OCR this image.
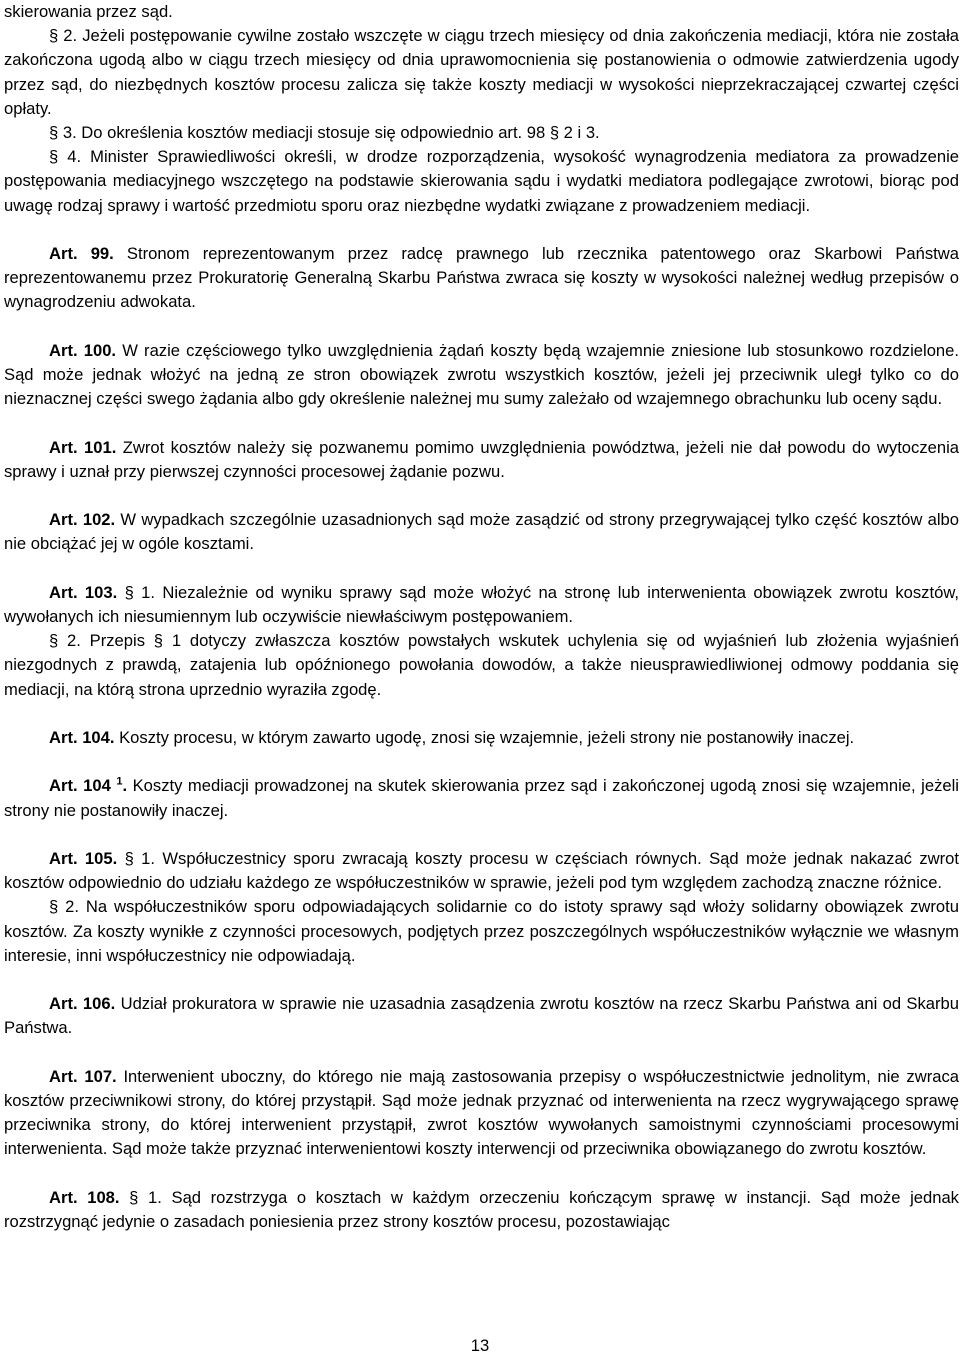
skierowania przez sąd.

§ 2. Jeżeli postępowanie cywilne zostało wszczęte w ciągu trzech miesięcy od dnia zakończenia mediacji, która nie została zakończona ugodą albo w ciągu trzech miesięcy od dnia uprawomocnienia się postanowienia o odmowie zatwierdzenia ugody przez sąd, do niezbędnych kosztów procesu zalicza się także koszty mediacji w wysokości nieprzekraczającej czwartej części opłaty.

§ 3. Do określenia kosztów mediacji stosuje się odpowiednio art. 98 § 2 i 3.

§ 4. Minister Sprawiedliwości określi, w drodze rozporządzenia, wysokość wynagrodzenia mediatora za prowadzenie postępowania mediacyjnego wszczętego na podstawie skierowania sądu i wydatki mediatora podlegające zwrotowi, biorąc pod uwagę rodzaj sprawy i wartość przedmiotu sporu oraz niezbędne wydatki związane z prowadzeniem mediacji.

Art. 99. Stronom reprezentowanym przez radcę prawnego lub rzecznika patentowego oraz Skarbowi Państwa reprezentowanemu przez Prokuratorię Generalną Skarbu Państwa zwraca się koszty w wysokości należnej według przepisów o wynagrodzeniu adwokata.

Art. 100. W razie częściowego tylko uwzględnienia żądań koszty będą wzajemnie zniesione lub stosunkowo rozdzielone. Sąd może jednak włożyć na jedną ze stron obowiązek zwrotu wszystkich kosztów, jeżeli jej przeciwnik uległ tylko co do nieznacznej części swego żądania albo gdy określenie należnej mu sumy zależało od wzajemnego obrachunku lub oceny sądu.

Art. 101. Zwrot kosztów należy się pozwanemu pomimo uwzględnienia powództwa, jeżeli nie dał powodu do wytoczenia sprawy i uznał przy pierwszej czynności procesowej żądanie pozwu.

Art. 102. W wypadkach szczególnie uzasadnionych sąd może zasądzić od strony przegrywającej tylko część kosztów albo nie obciążać jej w ogóle kosztami.

Art. 103. § 1. Niezależnie od wyniku sprawy sąd może włożyć na stronę lub interwenienta obowiązek zwrotu kosztów, wywołanych ich niesumiennym lub oczywiście niewłaściwym postępowaniem.

§ 2. Przepis § 1 dotyczy zwłaszcza kosztów powstałych wskutek uchylenia się od wyjaśnień lub złożenia wyjaśnień niezgodnych z prawdą, zatajenia lub opóźnionego powołania dowodów, a także nieusprawiedliwionej odmowy poddania się mediacji, na którą strona uprzednio wyraziła zgodę.

Art. 104. Koszty procesu, w którym zawarto ugodę, znosi się wzajemnie, jeżeli strony nie postanowiły inaczej.

Art. 104 $^1$. Koszty mediacji prowadzonej na skutek skierowania przez sąd i zakończonej ugodą znosi się wzajemnie, jeżeli strony nie postanowiły inaczej.

Art. 105. § 1. Współuczestnicy sporu zwracają koszty procesu w częściach równych. Sąd może jednak nakazać zwrot kosztów odpowiednio do udziału każdego ze współuczestników w sprawie, jeżeli pod tym względem zachodzą znaczne różnice.

§ 2. Na współuczestników sporu odpowiadających solidarnie co do istoty sprawy sąd włoży solidarny obowiązek zwrotu kosztów. Za koszty wynikłe z czynności procesowych, podjętych przez poszczególnych współuczestników wyłącznie we własnym interesie, inni współuczestnicy nie odpowiadają.

Art. 106. Udział prokuratora w sprawie nie uzasadnia zasądzenia zwrotu kosztów na rzecz Skarbu Państwa ani od Skarbu Państwa.

Art. 107. Interwenient uboczny, do którego nie mają zastosowania przepisy o współuczestnictwie jednolitym, nie zwraca kosztów przeciwnikowi strony, do której przystąpił. Sąd może jednak przyznać od interwenienta na rzecz wygrywającego sprawę przeciwnika strony, do której interwenient przystąpił, zwrot kosztów wywołanych samoistnymi czynnościami procesowymi interwenienta. Sąd może także przyznać interwenientowi koszty interwencji od przeciwnika obowiązanego do zwrotu kosztów.

Art. 108. § 1. Sąd rozstrzyga o kosztach w każdym orzeczeniu kończącym sprawę w instancji. Sąd może jednak rozstrzygnąć jedynie o zasadach poniesienia przez strony kosztów procesu, pozostawiając

13
